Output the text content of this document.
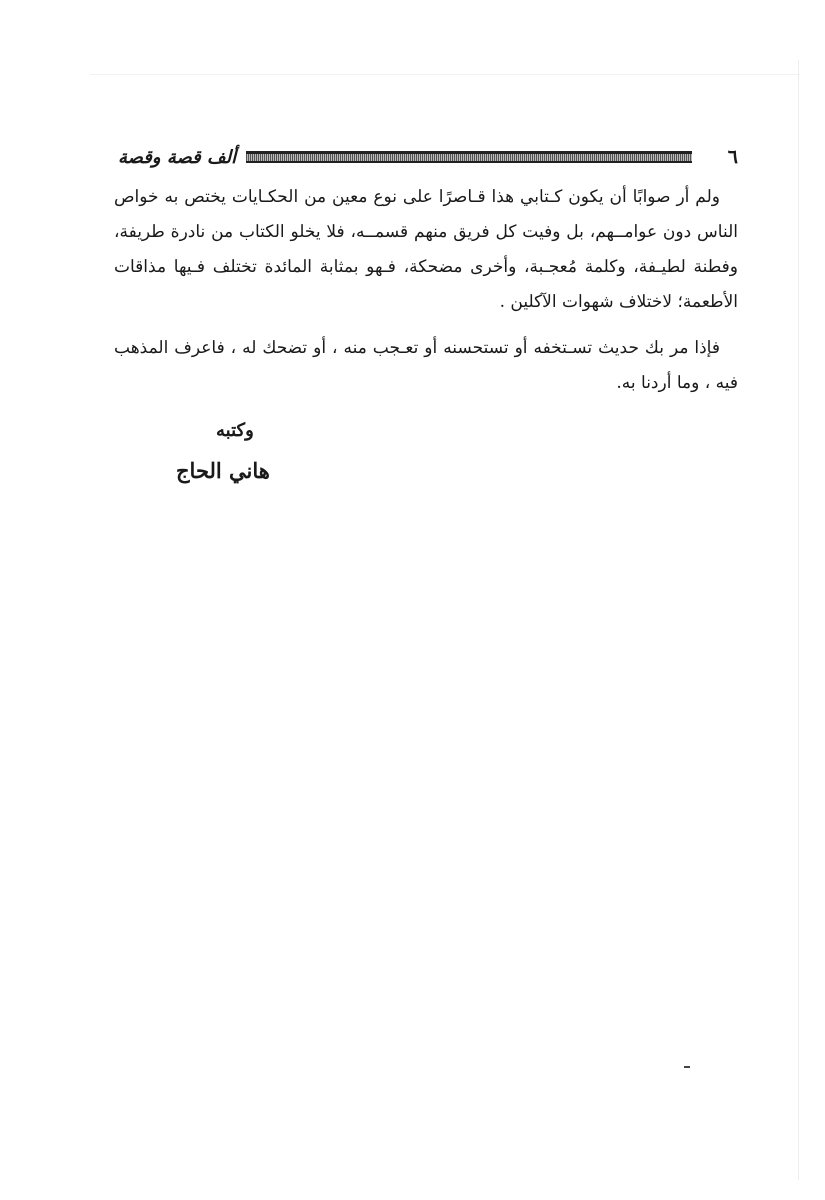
٦
ألف قصة وقصة

ولم أر صوابًا أن يكون كـتابي هذا قـاصرًا على نوع معين من الحكـايات يختص به خواص الناس دون عوامــهم، بل وفيت كل فريق منهم قسمــه، فلا يخلو الكتاب من نادرة طريفة، وفطنة لطيـفة، وكلمة مُعجـبة، وأخرى مضحكة، فـهو بمثابة المائدة تختلف فـيها مذاقات الأطعمة؛ لاختلاف شهوات الآكلين .

فإذا مر بك حديث تسـتخفه أو تستحسنه أو تعـجب منه ، أو تضحك له ، فاعرف المذهب فيه ، وما أردنا به.

وكتبه
هاني الحاج
